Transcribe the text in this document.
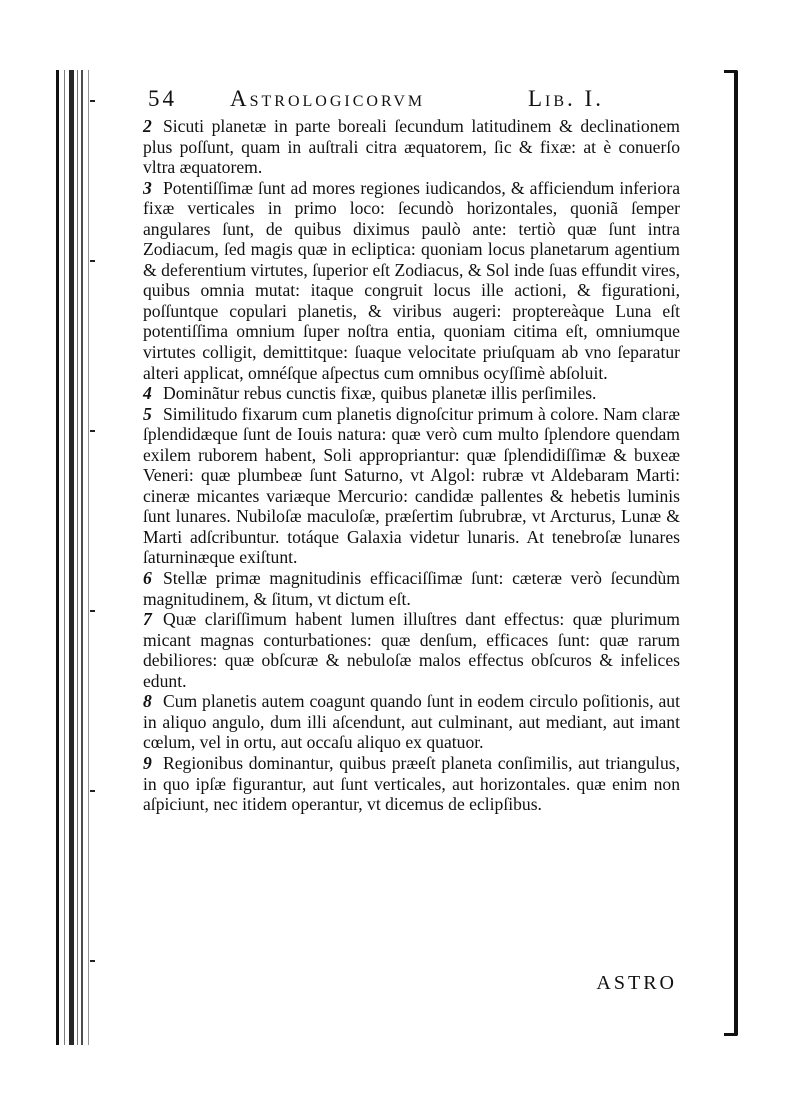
54 Astrologicorvm	Lib. I.

2 Sicuti planetæ in parte boreali ſecundum latitudinem & declinationem plus poſſunt, quam in auſtrali citra æquatorem, ſic & fixæ: at è conuerſo vltra æquatorem.

3 Potentiſſimæ ſunt ad mores regiones iudicandos, & afficiendum inferiora fixæ verticales in primo loco: ſecundò horizontales, quoniã ſemper angulares ſunt, de quibus diximus paulò ante: tertiò quæ ſunt intra Zodiacum, ſed magis quæ in ecliptica: quoniam locus planetarum agentium & deferentium virtutes, ſuperior eſt Zodiacus, & Sol inde ſuas effundit vires, quibus omnia mutat: itaque congruit locus ille actioni, & figurationi, poſſuntque copulari planetis, & viribus augeri: proptereàque Luna eſt potentiſſima omnium ſuper noſtra entia, quoniam citima eſt, omniumque virtutes colligit, demittitque: ſuaque velocitate priuſquam ab vno ſeparatur alteri applicat, omnéſque aſpectus cum omnibus ocyſſimè abſoluit.

4 Dominãtur rebus cunctis fixæ, quibus planetæ illis perſimiles.

5 Similitudo fixarum cum planetis dignoſcitur primum à colore. Nam claræ ſplendidæque ſunt de Iouis natura: quæ verò cum multo ſplendore quendam exilem ruborem habent, Soli appropriantur: quæ ſplendidiſſimæ & buxeæ Veneri: quæ plumbeæ ſunt Saturno, vt Algol: rubræ vt Aldebaram Marti: cineræ micantes variæque Mercurio: candidæ pallentes & hebetis luminis ſunt lunares. Nubiloſæ maculoſæ, præſertim ſubrubræ, vt Arcturus, Lunæ & Marti adſcribuntur. totáque Galaxia videtur lunaris. At tenebroſæ lunares ſaturninæque exiſtunt.

6 Stellæ primæ magnitudinis efficaciſſimæ ſunt: cæteræ verò ſecundùm magnitudinem, & ſitum, vt dictum eſt.

7 Quæ clariſſimum habent lumen illuſtres dant effectus: quæ plurimum micant magnas conturbationes: quæ denſum, efficaces ſunt: quæ rarum debiliores: quæ obſcuræ & nebuloſæ malos effectus obſcuros & infelices edunt.

8 Cum planetis autem coagunt quando ſunt in eodem circulo poſitionis, aut in aliquo angulo, dum illi aſcendunt, aut culminant, aut mediant, aut imant cœlum, vel in ortu, aut occaſu aliquo ex quatuor.

9 Regionibus dominantur, quibus præeſt planeta conſimilis, aut triangulus, in quo ipſæ figurantur, aut ſunt verticales, aut horizontales. quæ enim non aſpiciunt, nec itidem operantur, vt dicemus de eclipſibus.

ASTRO
